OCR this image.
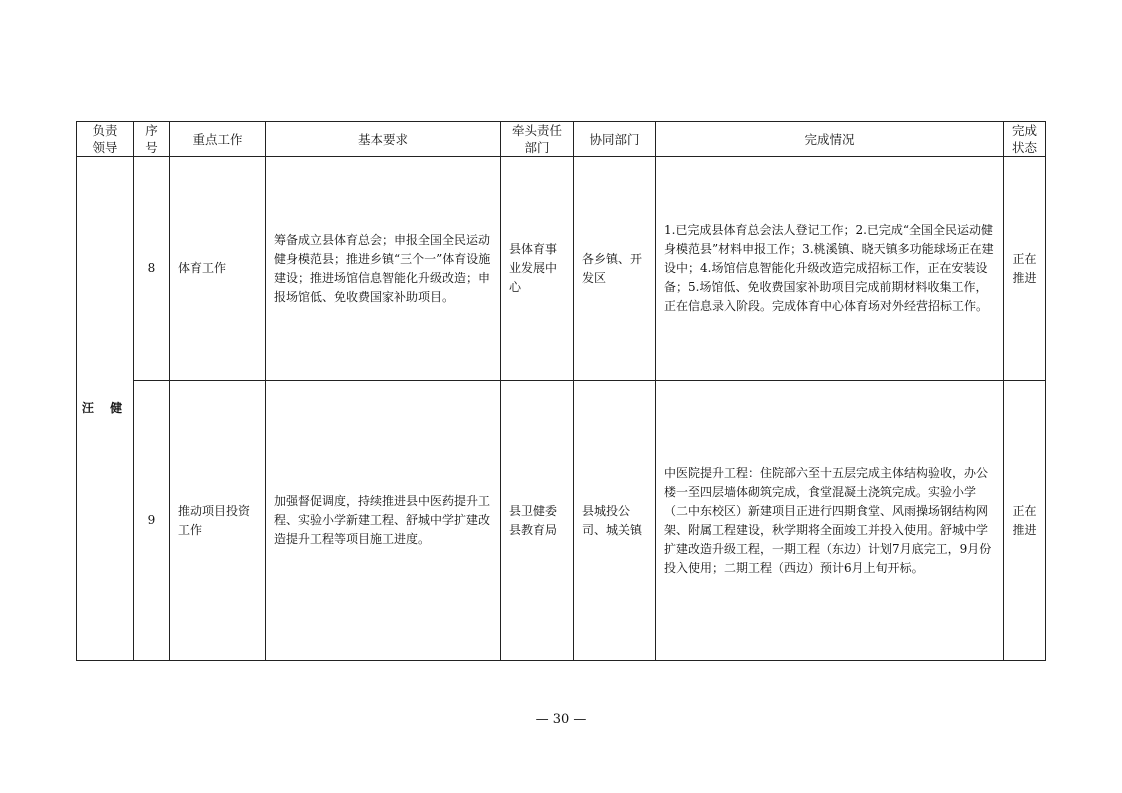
负责领导	序号	重点工作	基本要求	牵头责任部门	协同部门	完成情况	完成状态
汪 健	8	体育工作	筹备成立县体育总会；申报全国全民运动健身模范县；推进乡镇“三个一”体育设施建设；推进场馆信息智能化升级改造；申报场馆低、免收费国家补助项目。	县体育事业发展中心	各乡镇、开发区	1.已完成县体育总会法人登记工作；2.已完成“全国全民运动健身模范县”材料申报工作；3.桃溪镇、晓天镇多功能球场正在建设中；4.场馆信息智能化升级改造完成招标工作，正在安装设备；5.场馆低、免收费国家补助项目完成前期材料收集工作，正在信息录入阶段。完成体育中心体育场对外经营招标工作。	正在推进
	9	推动项目投资工作	加强督促调度，持续推进县中医药提升工程、实验小学新建工程、舒城中学扩建改造提升工程等项目施工进度。	县卫健委县教育局	县城投公司、城关镇	中医院提升工程：住院部六至十五层完成主体结构验收，办公楼一至四层墙体砌筑完成，食堂混凝土浇筑完成。实验小学（二中东校区）新建项目正进行四期食堂、风雨操场钢结构网架、附属工程建设，秋学期将全面竣工并投入使用。舒城中学扩建改造升级工程，一期工程（东边）计划7月底完工，9月份投入使用；二期工程（西边）预计6月上旬开标。	正在推进
— 30 —
